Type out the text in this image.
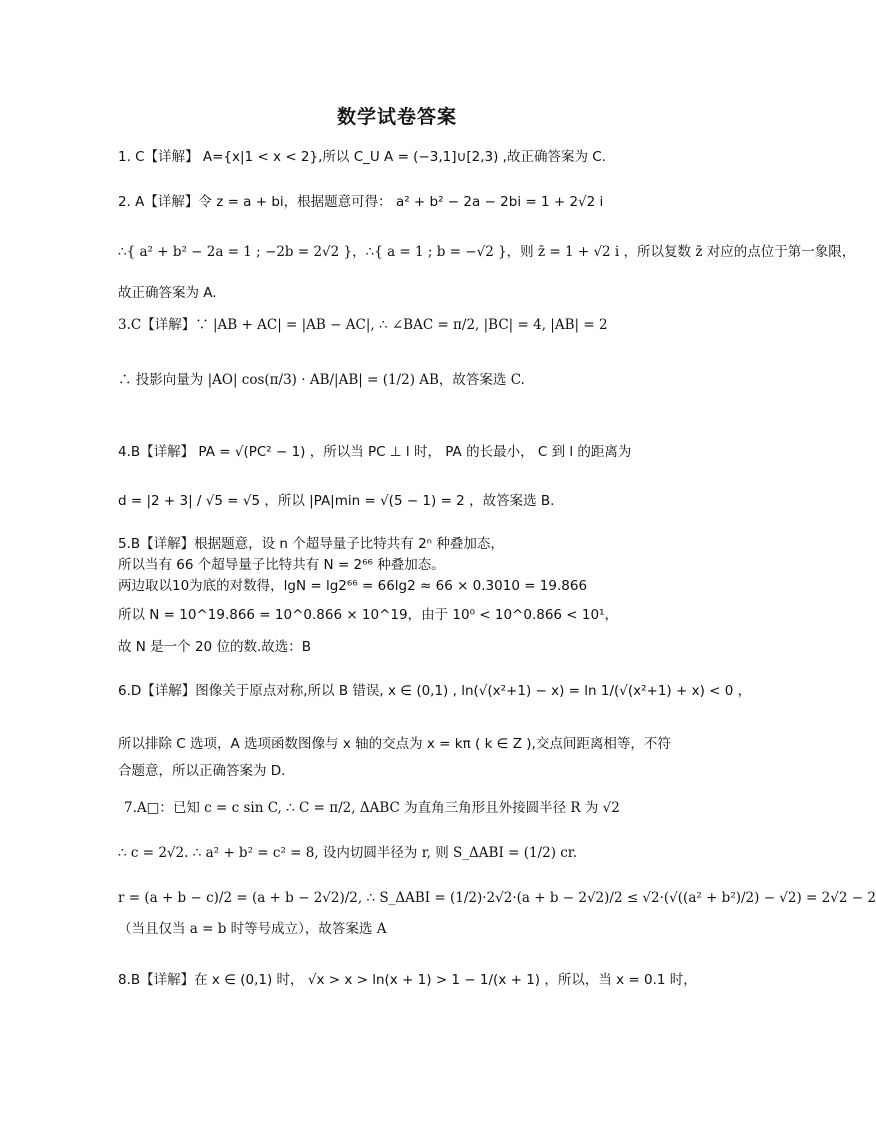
数学试卷答案
1. C【详解】 A={x|1 < x < 2},所以 C_U A = (−3,1]∪[2,3) ,故正确答案为 C.
2. A【详解】令 z = a + bi，根据题意可得： a² + b² − 2a − 2bi = 1 + 2√2 i
∴{ a² + b² − 2a = 1 ; −2b = 2√2 }，∴{ a = 1 ; b = −√2 }，则 z̄ = 1 + √2 i ，所以复数 z̄ 对应的点位于第一象限，
故正确答案为 A.
3.C【详解】∵ |AB + AC| = |AB − AC|, ∴ ∠BAC = π/2, |BC| = 4, |AB| = 2
∴ 投影向量为 |AO| cos(π/3) · AB/|AB| = (1/2) AB，故答案选 C.
4.B【详解】 PA = √(PC² − 1) ，所以当 PC ⊥ l 时， PA 的长最小， C 到 l 的距离为
d = |2 + 3| / √5 = √5 ，所以 |PA|min = √(5 − 1) = 2 ，故答案选 B.
5.B【详解】根据题意，设 n 个超导量子比特共有 2ⁿ 种叠加态，
所以当有 66 个超导量子比特共有 N = 2⁶⁶ 种叠加态。
两边取以10为底的对数得，lgN = lg2⁶⁶ = 66lg2 ≈ 66 × 0.3010 = 19.866
所以 N = 10^19.866 = 10^0.866 × 10^19，由于 10⁰ < 10^0.866 < 10¹，
故 N 是一个 20 位的数.故选：B
6.D【详解】图像关于原点对称,所以 B 错误, x ∈ (0,1) , ln(√(x²+1) − x) = ln 1/(√(x²+1) + x) < 0 ，
所以排除 C 选项，A 选项函数图像与 x 轴的交点为 x = kπ ( k ∈ Z ),交点间距离相等，不符
合题意，所以正确答案为 D.
7.A□：已知 c = c sin C, ∴ C = π/2, ΔABC 为直角三角形且外接圆半径 R 为 √2
∴ c = 2√2. ∴ a² + b² = c² = 8, 设内切圆半径为 r, 则 S_ΔABI = (1/2) cr.
r = (a + b − c)/2 = (a + b − 2√2)/2, ∴ S_ΔABI = (1/2)·2√2·(a + b − 2√2)/2 ≤ √2·(√((a² + b²)/2) − √2) = 2√2 − 2
（当且仅当 a = b 时等号成立），故答案选 A
8.B【详解】在 x ∈ (0,1) 时， √x > x > ln(x + 1) > 1 − 1/(x + 1) ，所以，当 x = 0.1 时，
